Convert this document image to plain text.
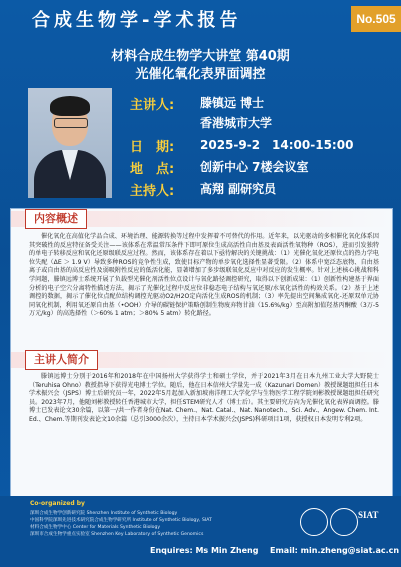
合成生物学-学术报告	No.505
材料合成生物学大讲堂 第40期
光催化氧化表界面调控
主讲人: 滕镇远 博士
香港城市大学
日　期: 2025-9-2　14:00-15:00
地　点: 创新中心 7楼会议室
主持人: 高翔 副研究员
内容概述
催化氧化在高值化学品合成、环境治理、能源转换等过程中发挥着不可替代的作用。近年来，以光驱动的多相催化氧化体系因其突破性的反应特征备受关注——该体系在常温常压条件下即可原位生成高活性自由基及表面活性氧物种（ROS），进而引发独特的单电子转移反应和氧化还原级联反应过程。然而，该体系存在着以下亟待解决的关键挑战：（1）光催化氧化还原位点的热力学电位失配（ΔE ＞ 1.9 V）导致多种ROS的竞争性生成，致使目标产物的单步氧化选择性显著受限。（2）体系中宽泛态底物、自由基离子或自由基的高反应性及弱吸附性反应的低活化能，显著增加了多步级联氧化反应中对反应的发生概率。针对上述核心挑战和科学问题，滕镇远博士系统开展了负载型光催化剂活性位点设计与氧化路径调控研究，取得以下创新成果：（1）创新性构建基于界面分析的电子空穴分离特性描述方法，揭示了光催化过程中反应位非稳态电子结构与氧还原/水氧化活性的构效关系。（2）基于上述调控的数据，揭示了催化位点配位结构调控光驱动O2/H2O定向活化生成ROS的机制；（3）率先提出空间集成氧化-还原双单元协同氧化机制，利用氧还原自由基（•OOH）介导的碳链保护策略创制生物废弃物甘油（15.6%/kg）至高附加值羟基丙酮酸（3万-5万元/kg）的高选择性（＞60% 1 atm；＞80% 5 atm）转化路径。
主讲人简介
滕镇远博士分别于2016年和2018年在中国扬州大学获得学士和硕士学位，并于2021年3月在日本九州工业大学大野院士（Teruhisa Ohno）教授指导下获得光电博士学位。随后，他在日本信州大学量先一成（Kazunari Domen）教授课题组担任日本学术振兴会（JSPS）博士后研究员一年，2022年5月起加入新加坡南洋理工大学化学与生物医学工程学院刘彬教授课题组担任研究员。2023年7月，他随刘彬教授转任香港城市大学，担任STEM研究人才（博士后）。其主要研究方向为光催化氧化表界面调控。滕博士已发表论文30余篇，以第一/共一作者身份在Nat. Chem.、Nat. Catal.、Nat. Nanotech.、Sci. Adv.、Angew. Chem. Int. Ed.、Chem.等期刊发表论文10余篇（总引3000余次），主持日本学术振兴会(JSPS)科研项目1项，获授权日本发明专利2项。
Co-organized by
深圳合成生物学创新研究院 Shenzhen Institute of Synthetic Biology
中国科学院深圳先进技术研究院合成生物学研究所 Institute of Synthetic Biology, SIAT
材料合成生物学中心 Center for Materials Synthetic Biology
深圳市合成生物学重点实验室 Shenzhen Key Laboratory of Synthetic Genomics
SIAT
Enquires: Ms Min Zheng Email: min.zheng@siat.ac.cn
